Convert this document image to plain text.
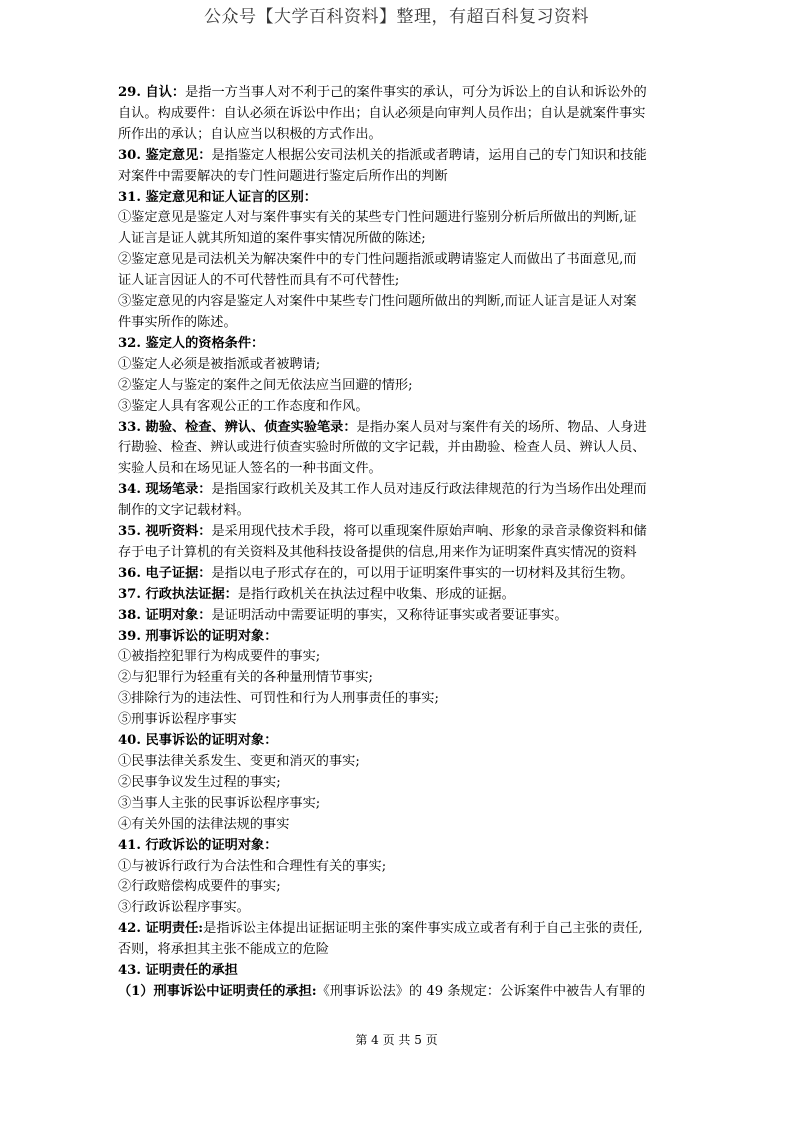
公众号【大学百科资料】整理，有超百科复习资料
29. 自认：是指一方当事人对不利于己的案件事实的承认，可分为诉讼上的自认和诉讼外的
自认。构成要件：自认必须在诉讼中作出；自认必须是向审判人员作出；自认是就案件事实
所作出的承认；自认应当以积极的方式作出。
30. 鉴定意见：是指鉴定人根据公安司法机关的指派或者聘请，运用自己的专门知识和技能
对案件中需要解决的专门性问题进行鉴定后所作出的判断
31. 鉴定意见和证人证言的区别：
①鉴定意见是鉴定人对与案件事实有关的某些专门性问题进行鉴别分析后所做出的判断,证
人证言是证人就其所知道的案件事实情况所做的陈述;
②鉴定意见是司法机关为解决案件中的专门性问题指派或聘请鉴定人而做出了书面意见,而
证人证言因证人的不可代替性而具有不可代替性;
③鉴定意见的内容是鉴定人对案件中某些专门性问题所做出的判断,而证人证言是证人对案
件事实所作的陈述。
32. 鉴定人的资格条件：
①鉴定人必须是被指派或者被聘请;
②鉴定人与鉴定的案件之间无依法应当回避的情形;
③鉴定人具有客观公正的工作态度和作风。
33. 勘验、检查、辨认、侦查实验笔录：是指办案人员对与案件有关的场所、物品、人身进
行勘验、检查、辨认或进行侦查实验时所做的文字记载，并由勘验、检查人员、辨认人员、
实验人员和在场见证人签名的一种书面文件。
34. 现场笔录：是指国家行政机关及其工作人员对违反行政法律规范的行为当场作出处理而
制作的文字记载材料。
35. 视听资料：是采用现代技术手段，将可以重现案件原始声响、形象的录音录像资料和储
存于电子计算机的有关资料及其他科技设备提供的信息,用来作为证明案件真实情况的资料
36. 电子证据：是指以电子形式存在的，可以用于证明案件事实的一切材料及其衍生物。
37. 行政执法证据：是指行政机关在执法过程中收集、形成的证据。
38. 证明对象：是证明活动中需要证明的事实，又称待证事实或者要证事实。
39. 刑事诉讼的证明对象：
①被指控犯罪行为构成要件的事实;
②与犯罪行为轻重有关的各种量刑情节事实;
③排除行为的违法性、可罚性和行为人刑事责任的事实;
⑤刑事诉讼程序事实
40. 民事诉讼的证明对象：
①民事法律关系发生、变更和消灭的事实;
②民事争议发生过程的事实;
③当事人主张的民事诉讼程序事实;
④有关外国的法律法规的事实
41. 行政诉讼的证明对象：
①与被诉行政行为合法性和合理性有关的事实;
②行政赔偿构成要件的事实;
③行政诉讼程序事实。
42. 证明责任:是指诉讼主体提出证据证明主张的案件事实成立或者有利于自己主张的责任,
否则，将承担其主张不能成立的危险
43. 证明责任的承担
（1）刑事诉讼中证明责任的承担:《刑事诉讼法》的 49 条规定：公诉案件中被告人有罪的
第 4 页 共 5 页
